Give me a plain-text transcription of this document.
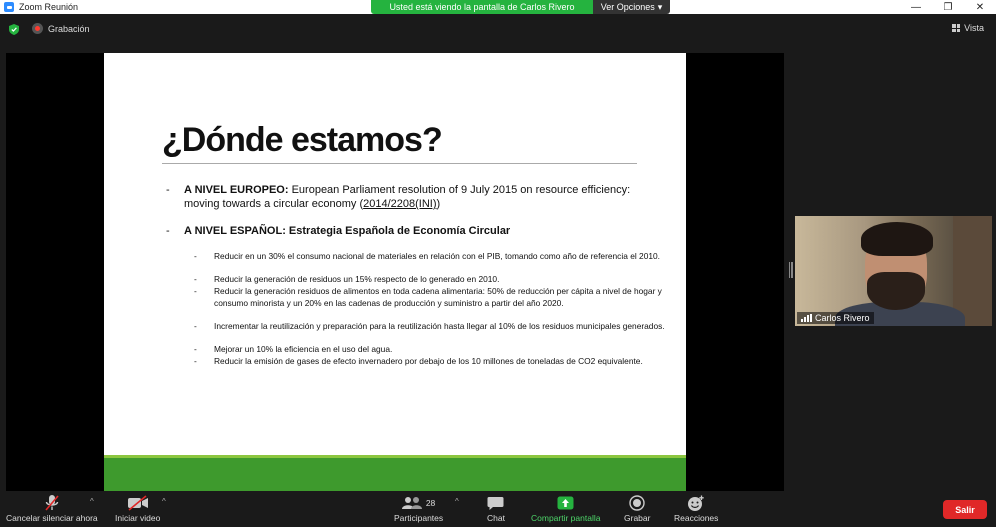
Zoom Reunión	—	❐	✕
Usted está viendo la pantalla de Carlos Rivero	Ver Opciones ▾
Grabación	Vista
¿Dónde estamos?
- A NIVEL EUROPEO: European Parliament resolution of 9 July 2015 on resource efficiency: moving towards a circular economy (2014/2208(INI))
- A NIVEL ESPAÑOL: Estrategia Española de Economía Circular
- Reducir en un 30% el consumo nacional de materiales en relación con el PIB, tomando como año de referencia el 2010.
- Reducir la generación de residuos un 15% respecto de lo generado en 2010.
- Reducir la generación residuos de alimentos en toda cadena alimentaria: 50% de reducción per cápita a nivel de hogar y consumo minorista y un 20% en las cadenas de producción y suministro a partir del año 2020.
- Incrementar la reutilización y preparación para la reutilización hasta llegar al 10% de los residuos municipales generados.
- Mejorar un 10% la eficiencia en el uso del agua.
- Reducir la emisión de gases de efecto invernadero por debajo de los 10 millones de toneladas de CO2 equivalente.
Carlos Rivero
Cancelar silenciar ahora
^
Iniciar video
^	28
Participantes
^
Chat	Compartir pantalla	Grabar	Reacciones
Salir
